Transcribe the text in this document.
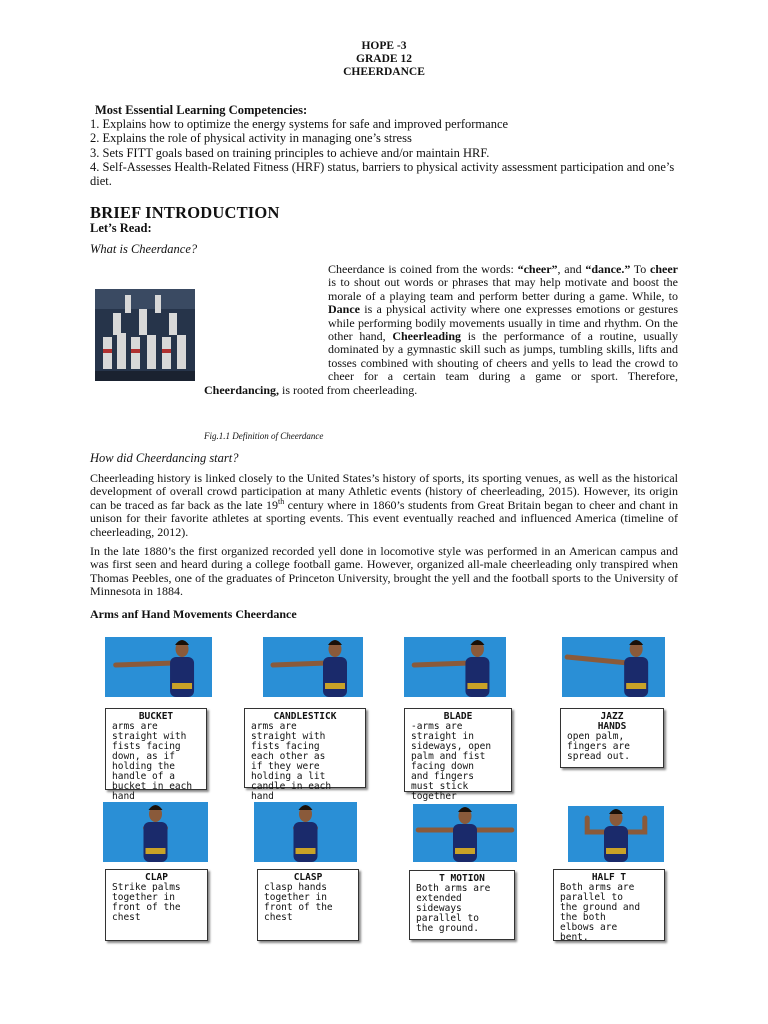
HOPE -3
GRADE 12
CHEERDANCE
Most Essential Learning Competencies:
1. Explains how to optimize the energy systems for safe and improved performance
2. Explains the role of physical activity in managing one’s stress
3. Sets FITT goals based on training principles to achieve and/or maintain HRF.
4. Self-Assesses Health-Related Fitness (HRF) status, barriers to physical activity assessment participation and one’s diet.
BRIEF INTRODUCTION
Let’s Read:
What is Cheerdance?
Cheerdance is coined from the words: “cheer”, and “dance.” To cheer is to shout out words or phrases that may help motivate and boost the morale of a playing team and perform better during a game. While, to Dance is a physical activity where one expresses emotions or gestures while performing bodily movements usually in time and rhythm. On the other hand, Cheerleading is the performance of a routine, usually dominated by a gymnastic skill such as jumps, tumbling skills, lifts and tosses combined with shouting of cheers and yells to lead the crowd to cheer for a certain team during a game or sport. Therefore, Cheerdancing, is rooted from cheerleading.
Fig.1.1 Definition of Cheerdance
How did Cheerdancing start?
Cheerleading history is linked closely to the United States’s history of sports, its sporting venues, as well as the historical development of overall crowd participation at many Athletic events (history of cheerleading, 2015). However, its origin can be traced as far back as the late 19th century where in 1860’s students from Great Britain began to cheer and chant in unison for their favorite athletes at sporting events. This event eventually reached and influenced America (timeline of cheerleading, 2012).
In the late 1880’s the first organized recorded yell done in locomotive style was performed in an American campus and was first seen and heard during a college football game. However, organized all-male cheerleading only transpired when Thomas Peebles, one of the graduates of Princeton University, brought the yell and the football sports to the University of Minnesota in 1884.
Arms anf Hand Movements Cheerdance
BUCKET
arms are straight with fists facing down, as if holding the handle of a bucket in each hand
CANDLESTICK
arms are straight with fists facing each other as if they were holding a lit candle in each hand
BLADE
-arms are straight in sideways, open palm and fist facing down and fingers must stick together
JAZZ HANDS
open palm, fingers are spread out.
CLAP
Strike palms together in front of the chest
CLASP
clasp hands together in front of the chest
T MOTION
Both arms are extended sideways parallel to the ground.
HALF T
Both arms are parallel to the ground and the both elbows are bent.
